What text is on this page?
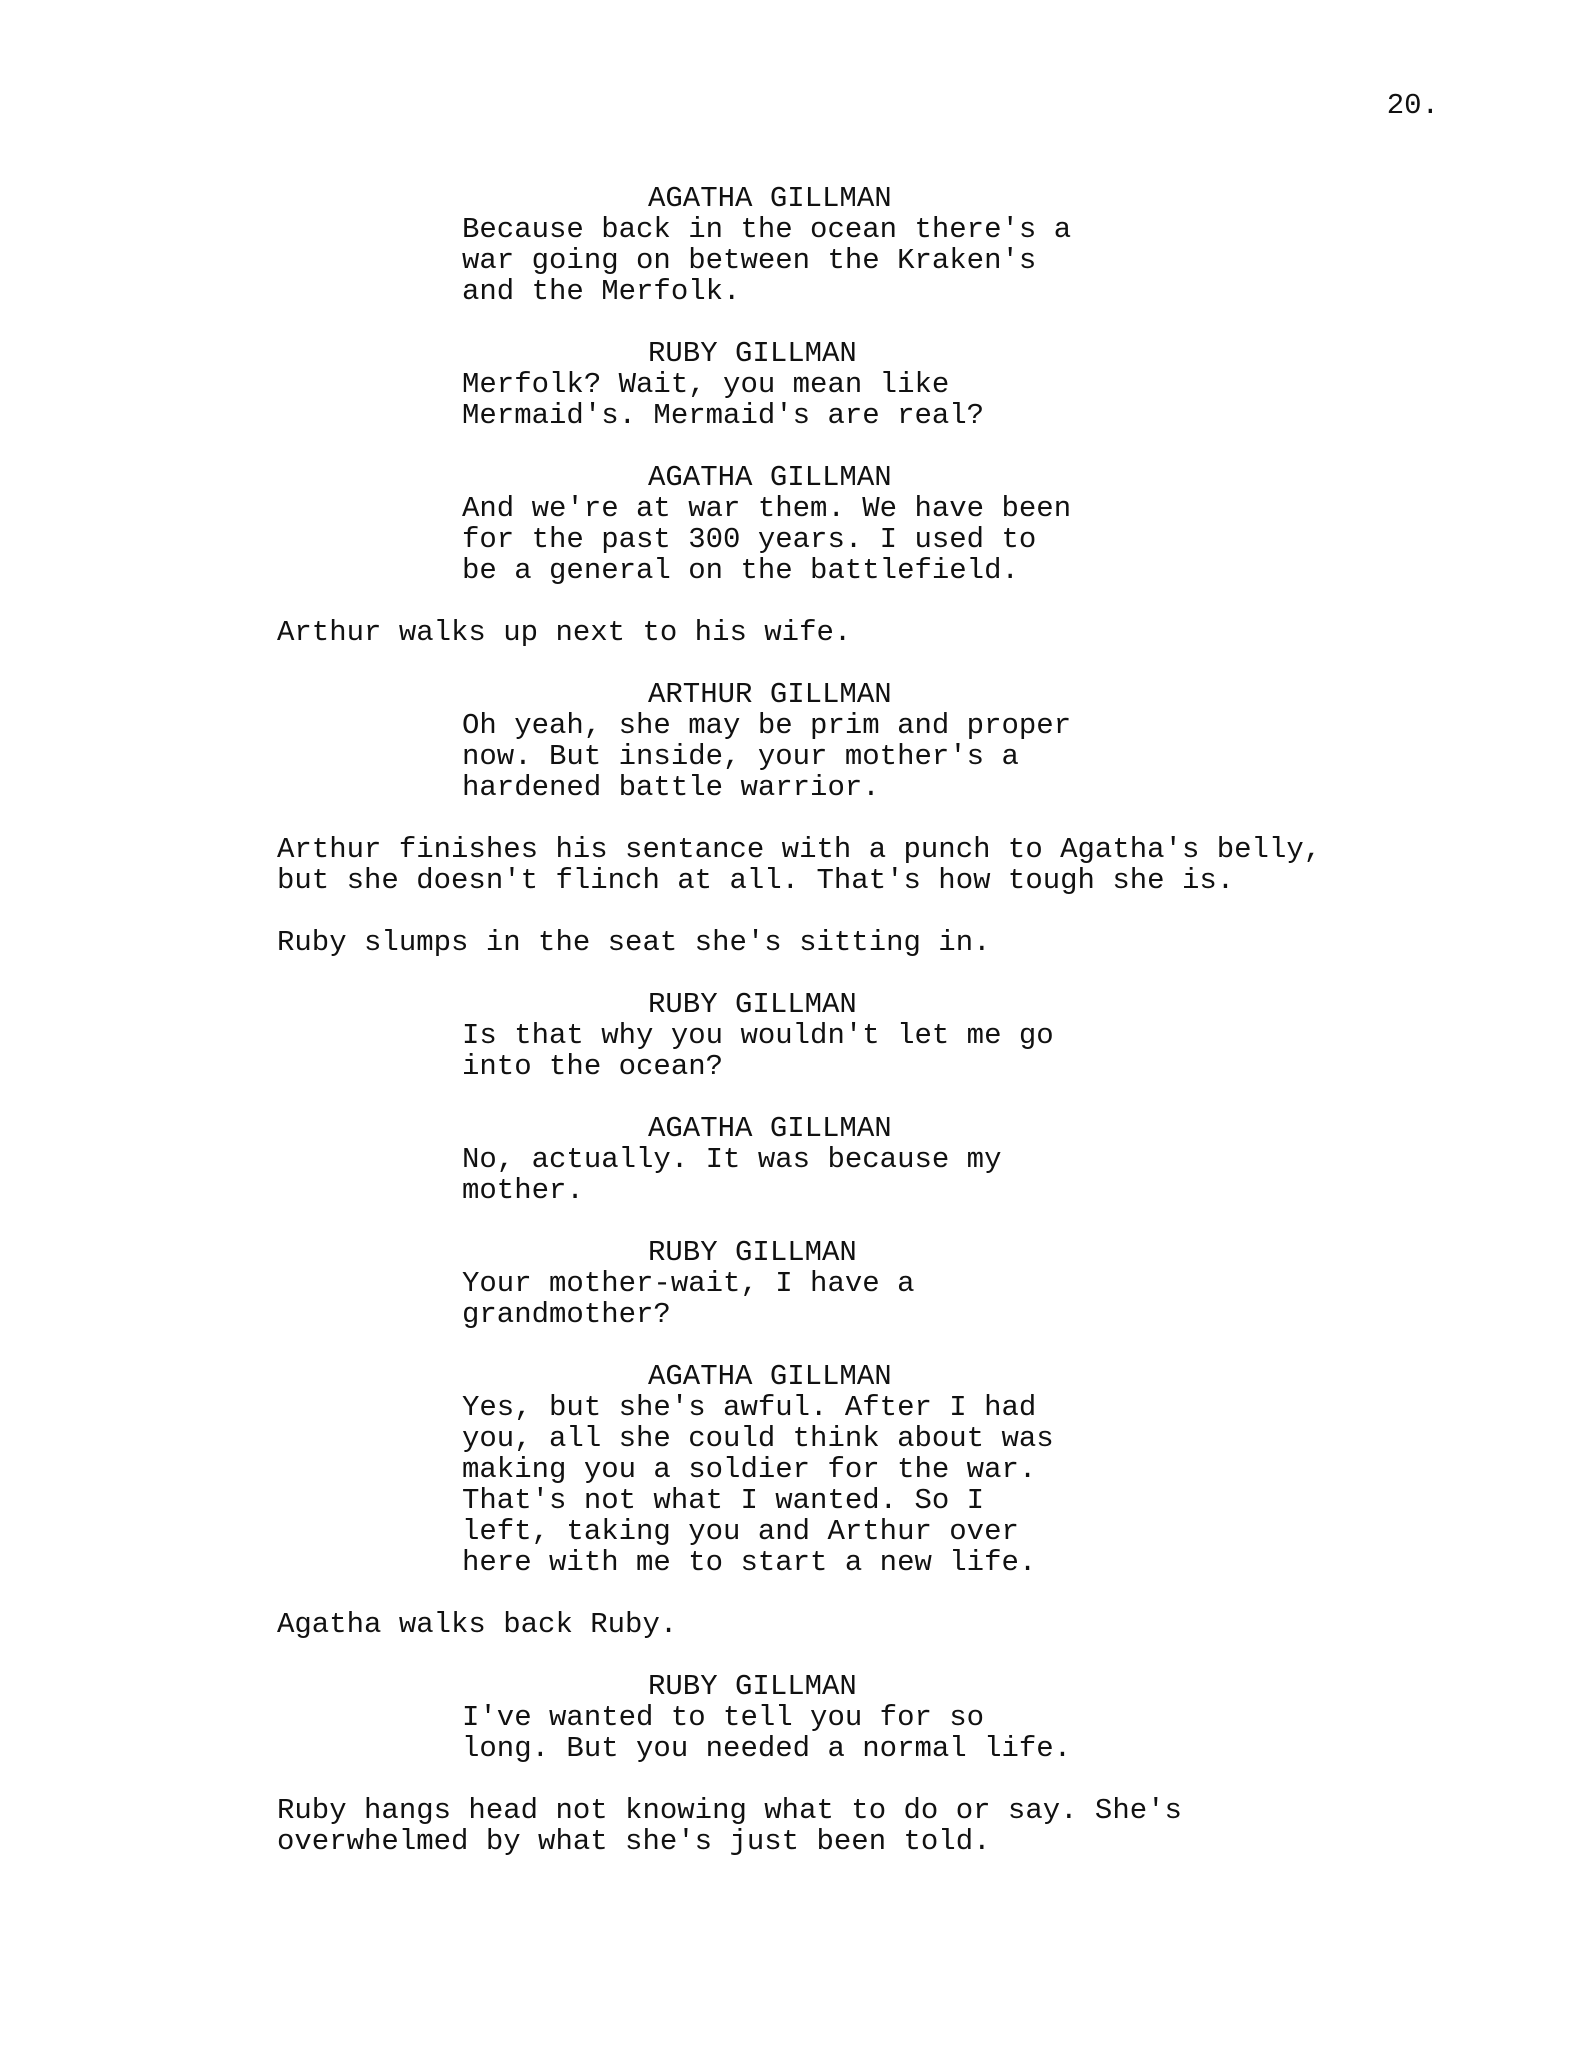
20.
AGATHA GILLMAN
Because back in the ocean there's a
war going on between the Kraken's
and the Merfolk.
RUBY GILLMAN
Merfolk? Wait, you mean like
Mermaid's. Mermaid's are real?
AGATHA GILLMAN
And we're at war them. We have been
for the past 300 years. I used to
be a general on the battlefield.
Arthur walks up next to his wife.
ARTHUR GILLMAN
Oh yeah, she may be prim and proper
now. But inside, your mother's a
hardened battle warrior.
Arthur finishes his sentance with a punch to Agatha's belly,
but she doesn't flinch at all. That's how tough she is.
Ruby slumps in the seat she's sitting in.
RUBY GILLMAN
Is that why you wouldn't let me go
into the ocean?
AGATHA GILLMAN
No, actually. It was because my
mother.
RUBY GILLMAN
Your mother-wait, I have a
grandmother?
AGATHA GILLMAN
Yes, but she's awful. After I had
you, all she could think about was
making you a soldier for the war.
That's not what I wanted. So I
left, taking you and Arthur over
here with me to start a new life.
Agatha walks back Ruby.
RUBY GILLMAN
I've wanted to tell you for so
long. But you needed a normal life.
Ruby hangs head not knowing what to do or say. She's
overwhelmed by what she's just been told.
